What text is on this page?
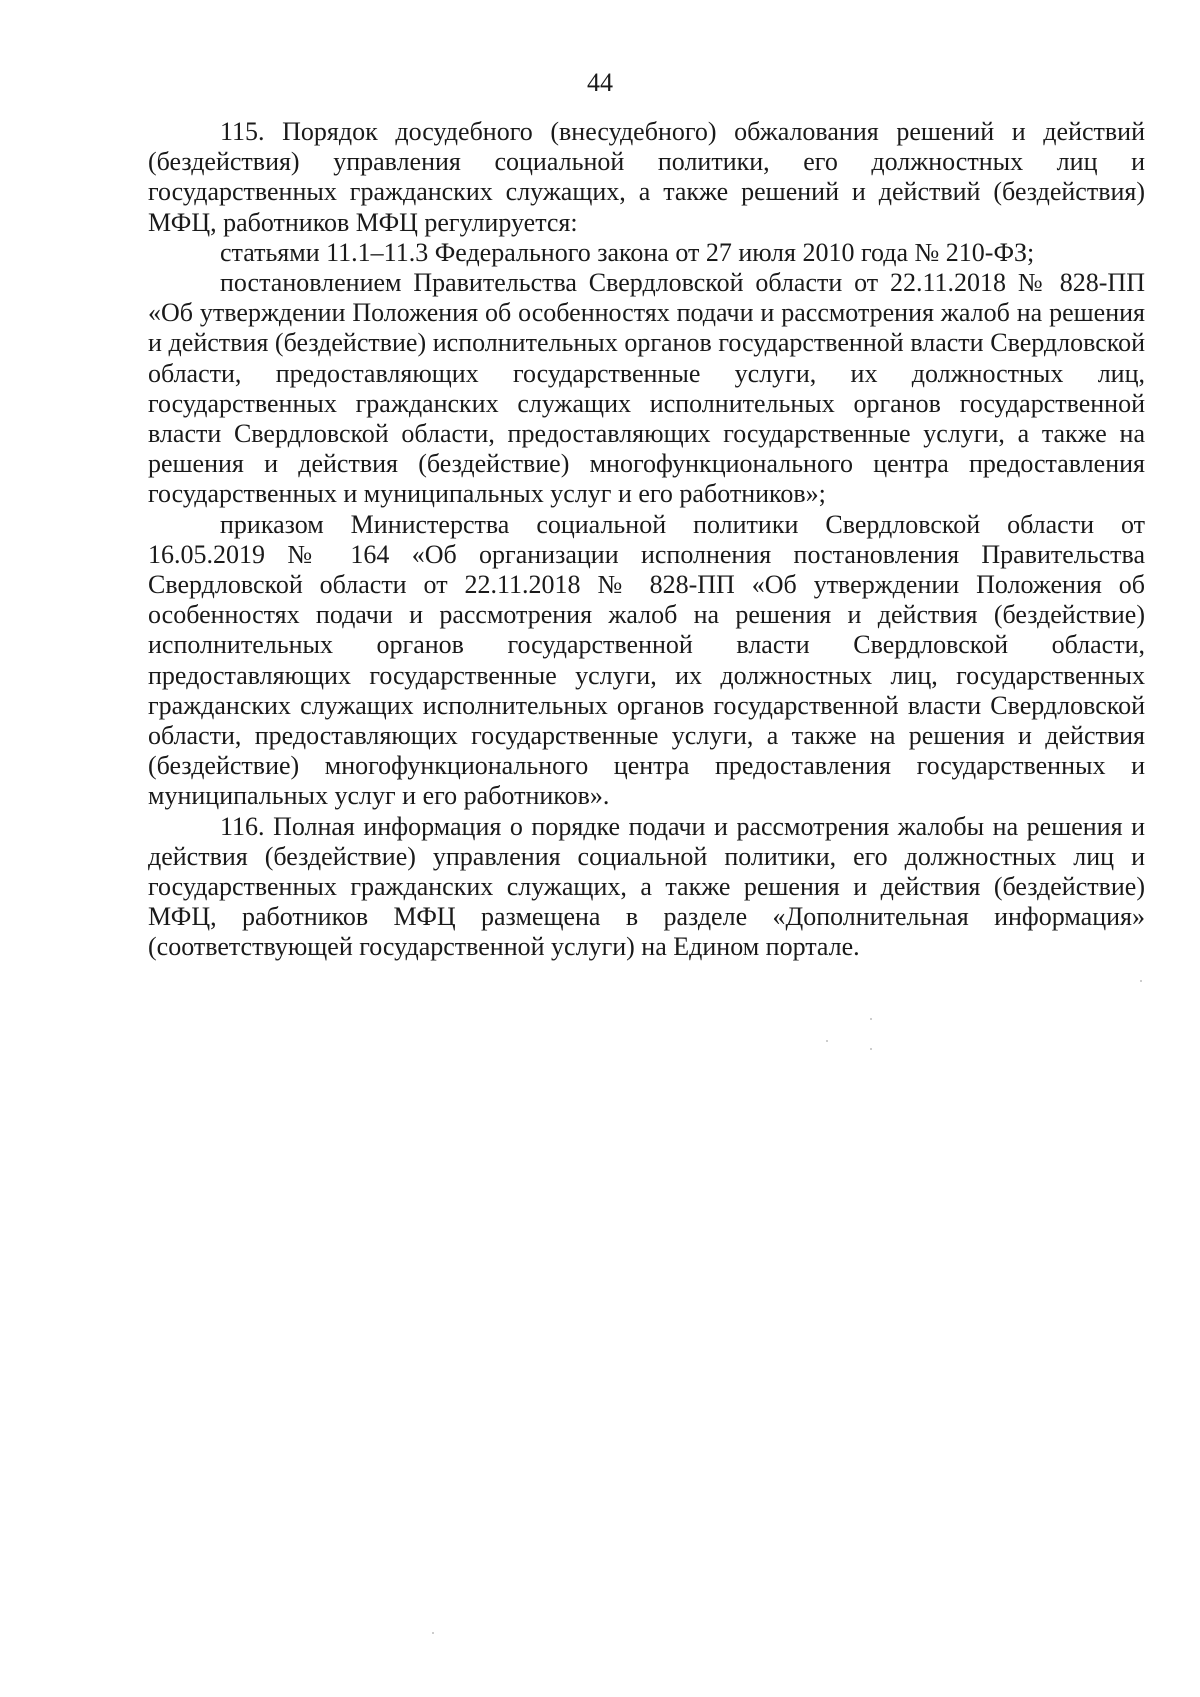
44

115. Порядок досудебного (внесудебного) обжалования решений и действий (бездействия) управления социальной политики, его должностных лиц и государственных гражданских служащих, а также решений и действий (бездействия) МФЦ, работников МФЦ регулируется:

статьями 11.1–11.3 Федерального закона от 27 июля 2010 года № 210-ФЗ;

постановлением Правительства Свердловской области от 22.11.2018 № 828-ПП «Об утверждении Положения об особенностях подачи и рассмотрения жалоб на решения и действия (бездействие) исполнительных органов государственной власти Свердловской области, предоставляющих государственные услуги, их должностных лиц, государственных гражданских служащих исполнительных органов государственной власти Свердловской области, предоставляющих государственные услуги, а также на решения и действия (бездействие) многофункционального центра предоставления государственных и муниципальных услуг и его работников»;

приказом Министерства социальной политики Свердловской области от 16.05.2019 № 164 «Об организации исполнения постановления Правительства Свердловской области от 22.11.2018 № 828-ПП «Об утверждении Положения об особенностях подачи и рассмотрения жалоб на решения и действия (бездействие) исполнительных органов государственной власти Свердловской области, предоставляющих государственные услуги, их должностных лиц, государственных гражданских служащих исполнительных органов государственной власти Свердловской области, предоставляющих государственные услуги, а также на решения и действия (бездействие) многофункционального центра предоставления государственных и муниципальных услуг и его работников».

116. Полная информация о порядке подачи и рассмотрения жалобы на решения и действия (бездействие) управления социальной политики, его должностных лиц и государственных гражданских служащих, а также решения и действия (бездействие) МФЦ, работников МФЦ размещена в разделе «Дополнительная информация» (соответствующей государственной услуги) на Едином портале.
